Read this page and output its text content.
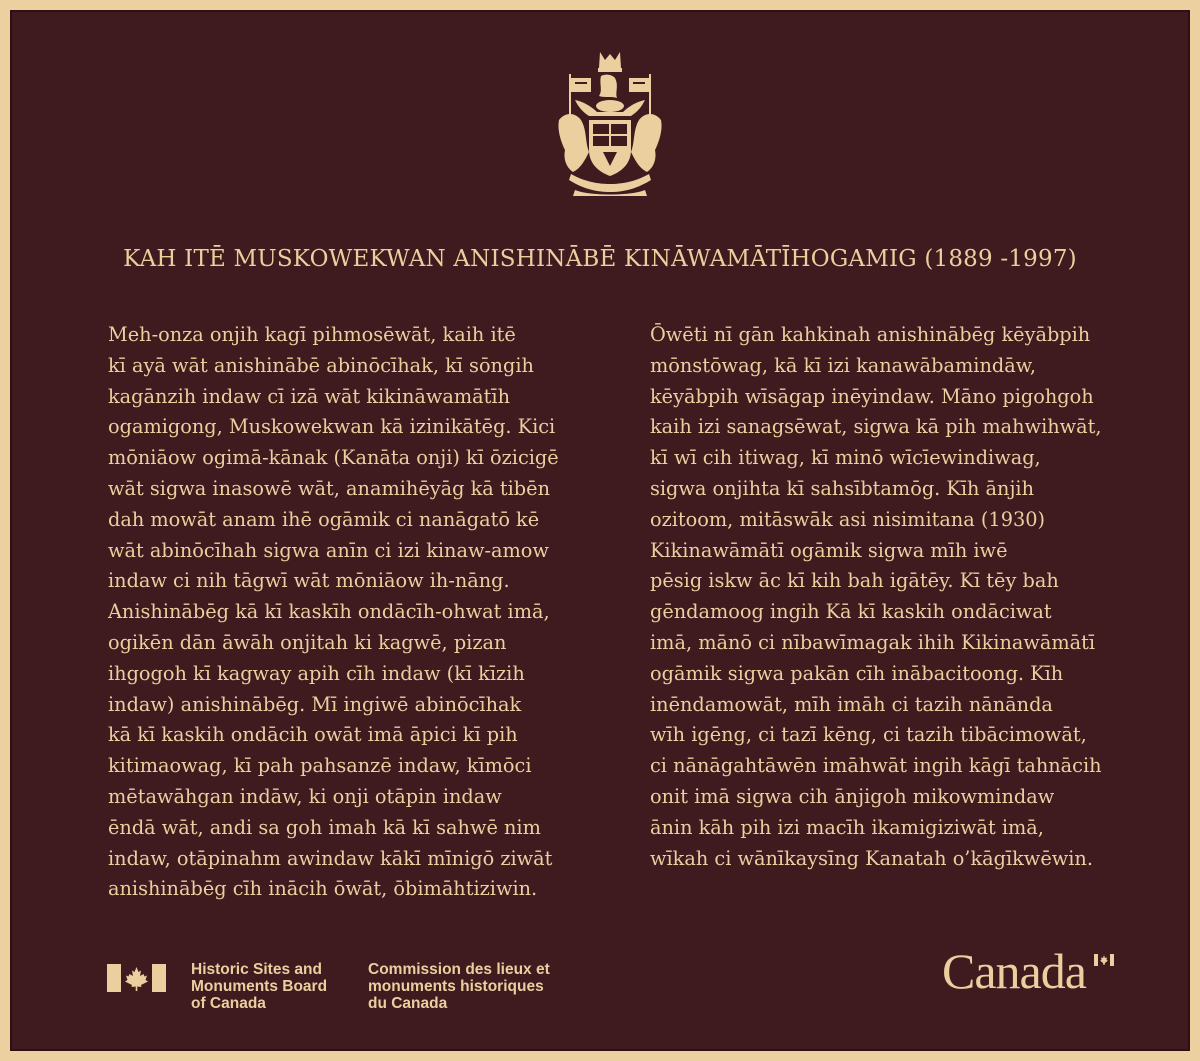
KAH ITĒ MUSKOWEKWAN ANISHINĀBĒ KINĀWAMĀTĪHOGAMIG (1889 -1997)
Meh-onza onjih kagī pihmosēwāt, kaih itē
kī ayā wāt anishinābē abinōcīhak, kī sōngih
kagānzih indaw cī izā wāt kikināwamātīh
ogamigong, Muskowekwan kā izinikātēg. Kici
mōniāow ogimā-kānak (Kanāta onji) kī ōzicigē
wāt sigwa inasowē wāt, anamihēyāg kā tibēn
dah mowāt anam ihē ogāmik ci nanāgatō kē
wāt abinōcīhah sigwa anīn ci izi kinaw-amow
indaw ci nih tāgwī wāt mōniāow ih-nāng.
Anishinābēg kā kī kaskīh ondācīh-ohwat imā,
ogikēn dān āwāh onjitah ki kagwē, pizan
ihgogoh kī kagway apih cīh indaw (kī kīzih
indaw) anishinābēg. Mī ingiwē abinōcīhak
kā kī kaskih ondācih owāt imā āpici kī pih
kitimaowag, kī pah pahsanzē indaw, kīmōci
mētawāhgan indāw, ki onji otāpin indaw
ēndā wāt, andi sa goh imah kā kī sahwē nim
indaw, otāpinahm awindaw kākī mīnigō ziwāt
anishinābēg cīh inācih ōwāt, ōbimāhtiziwin.
Ōwēti nī gān kahkinah anishinābēg kēyābpih
mōnstōwag, kā kī izi kanawābamindāw,
kēyābpih wīsāgap inēyindaw. Māno pigohgoh
kaih izi sanagsēwat, sigwa kā pih mahwihwāt,
kī wī cih itiwag, kī minō wīcīewindiwag,
sigwa onjihta kī sahsībtamōg. Kīh ānjih
ozitoom, mitāswāk asi nisimitana (1930)
Kikinawāmātī ogāmik sigwa mīh iwē
pēsig iskw āc kī kih bah igātēy. Kī tēy bah
gēndamoog ingih Kā kī kaskih ondāciwat
imā, mānō ci nībawīmagak ihih Kikinawāmātī
ogāmik sigwa pakān cīh inābacitoong. Kīh
inēndamowāt, mīh imāh ci tazih nānānda
wīh igēng, ci tazī kēng, ci tazih tibācimowāt,
ci nānāgahtāwēn imāhwāt ingih kāgī tahnācih
onit imā sigwa cih ānjigoh mikowmindaw
ānin kāh pih izi macīh ikamigiziwāt imā,
wīkah ci wānīkaysīng Kanatah o’kāgīkwēwin.
Historic Sites and
Monuments Board
of Canada
Commission des lieux et
monuments historiques
du Canada
Canada
